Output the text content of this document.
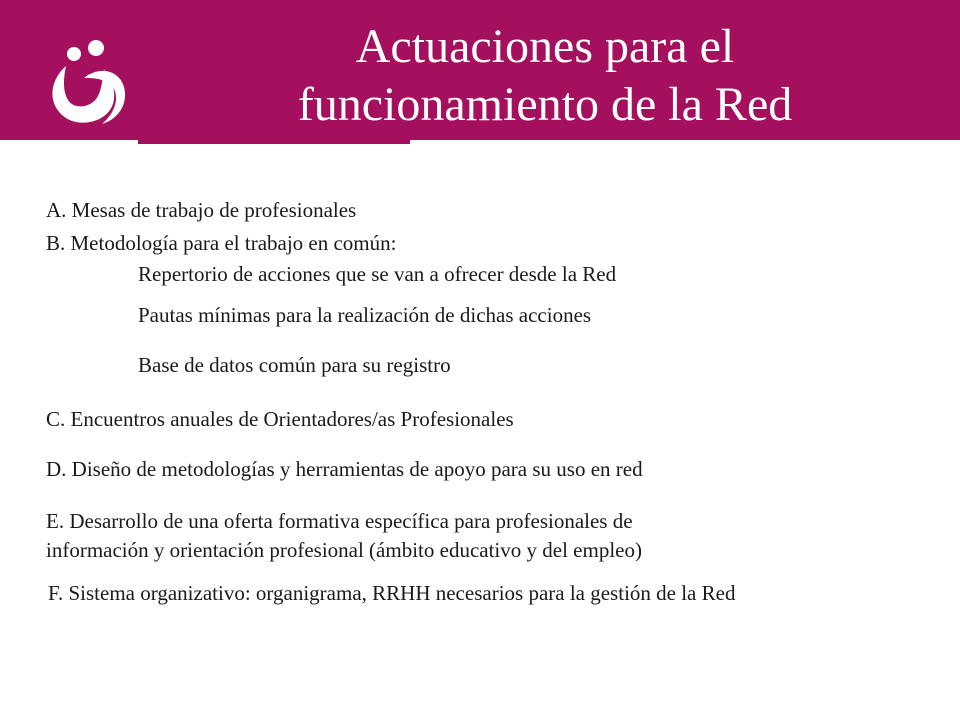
Actuaciones para el
funcionamiento de la Red

A. Mesas de trabajo de profesionales

B. Metodología para el trabajo en común:

Repertorio de acciones que se van a ofrecer desde la Red

Pautas mínimas para la realización de dichas acciones

Base de datos común para su registro

C. Encuentros anuales de Orientadores/as Profesionales

D. Diseño de metodologías y herramientas de apoyo para su uso en red

E. Desarrollo de una oferta formativa específica para profesionales de

información y orientación profesional (ámbito educativo y del empleo)

F. Sistema organizativo: organigrama, RRHH necesarios para la gestión de la Red
